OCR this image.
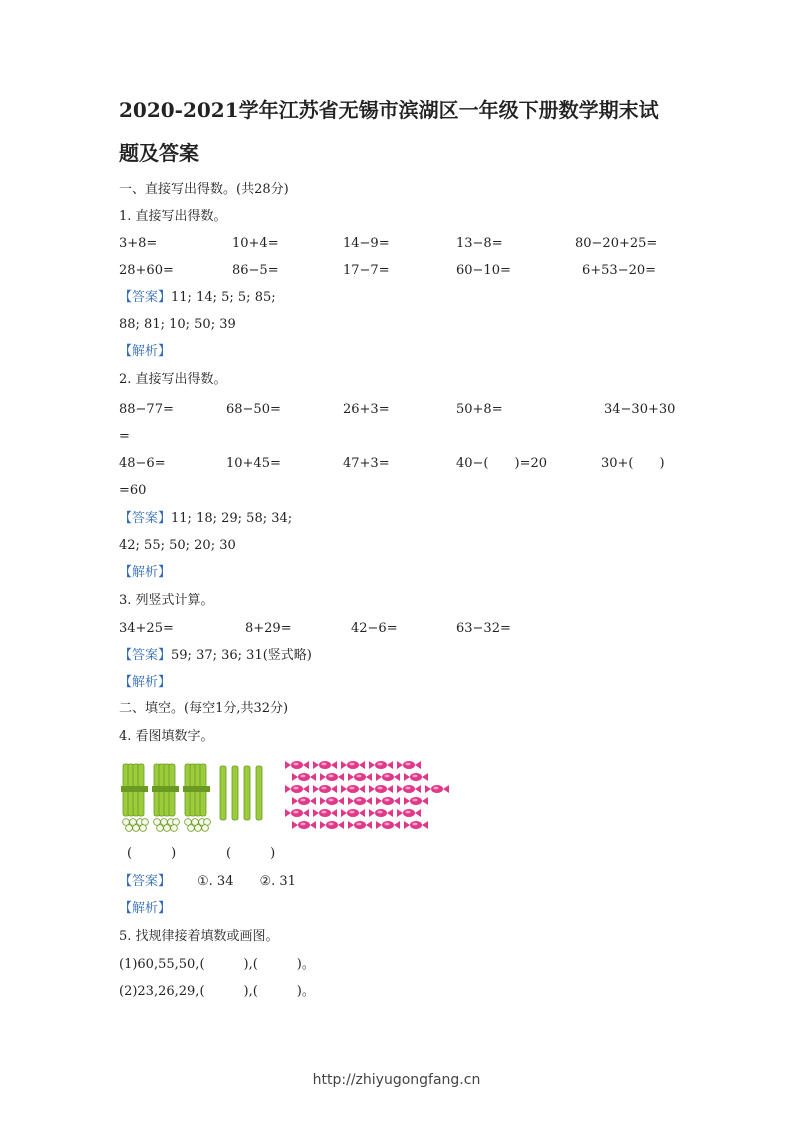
2020-2021学年江苏省无锡市滨湖区一年级下册数学期末试
题及答案
一、直接写出得数。(共28分)
1. 直接写出得数。
3+8=	10+4=	14−9=	13−8=	80−20+25=
28+60=	86−5=	17−7=	60−10=	6+53−20=
【答案】11; 14; 5; 5; 85;
88; 81; 10; 50; 39
【解析】
2. 直接写出得数。
88−77=	68−50=	26+3=	50+8=	34−30+30
=
48−6=	10+45=	47+3=	40−(　　)=20	30+(　　)
=60
【答案】11; 18; 29; 58; 34;
42; 55; 50; 20; 30
【解析】
3. 列竖式计算。
34+25=	8+29=	42−6=	63−32=
【答案】59; 37; 36; 31(竖式略)
【解析】
二、填空。(每空1分,共32分)
4. 看图填数字。
(　　　)	(　　　)
【答案】 ①. 34　　②. 31
【解析】
5. 找规律接着填数或画图。
(1)60,55,50,(　　　),(　　　)。
(2)23,26,29,(　　　),(　　　)。
http://zhiyugongfang.cn
